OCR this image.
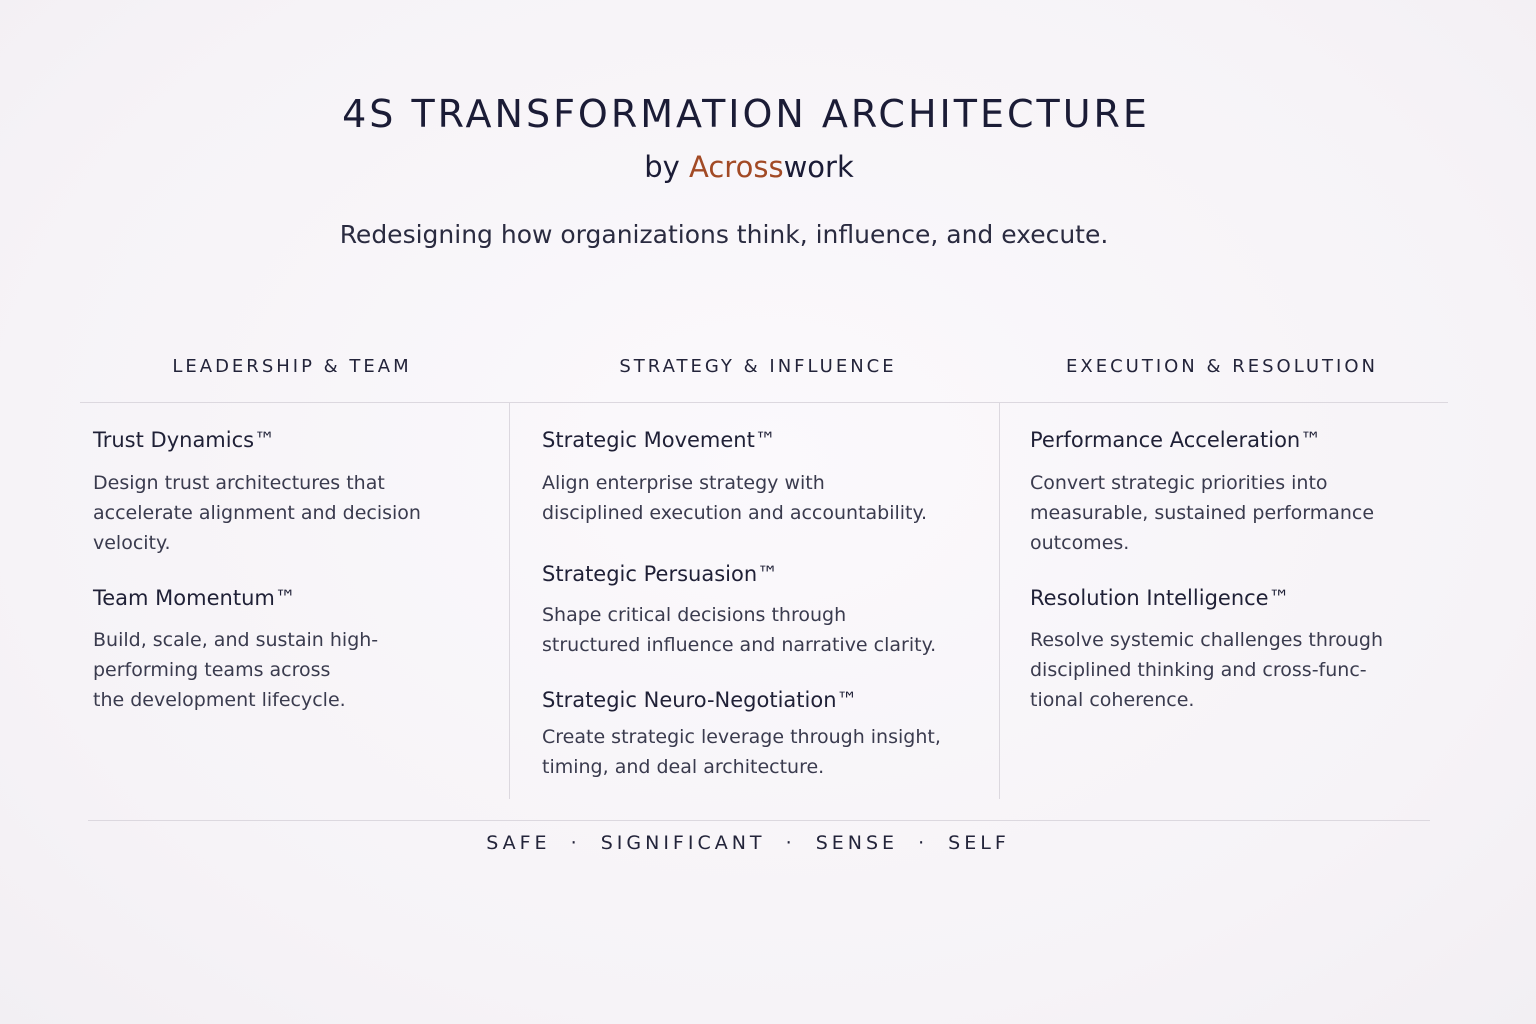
4S TRANSFORMATION ARCHITECTURE
by Acrosswork
Redesigning how organizations think, influence, and execute.
LEADERSHIP & TEAM	STRATEGY & INFLUENCE	EXECUTION & RESOLUTION
Trust Dynamics™
Design trust architectures that
accelerate alignment and decision
velocity.
Team Momentum™
Build, scale, and sustain high-
performing teams across
the development lifecycle.
Strategic Movement™
Align enterprise strategy with
disciplined execution and accountability.
Strategic Persuasion™
Shape critical decisions through
structured influence and narrative clarity.
Strategic Neuro-Negotiation™
Create strategic leverage through insight,
timing, and deal architecture.
Performance Acceleration™
Convert strategic priorities into
measurable, sustained performance
outcomes.
Resolution Intelligence™
Resolve systemic challenges through
disciplined thinking and cross-func-
tional coherence.
SAFE · SIGNIFICANT · SENSE · SELF
